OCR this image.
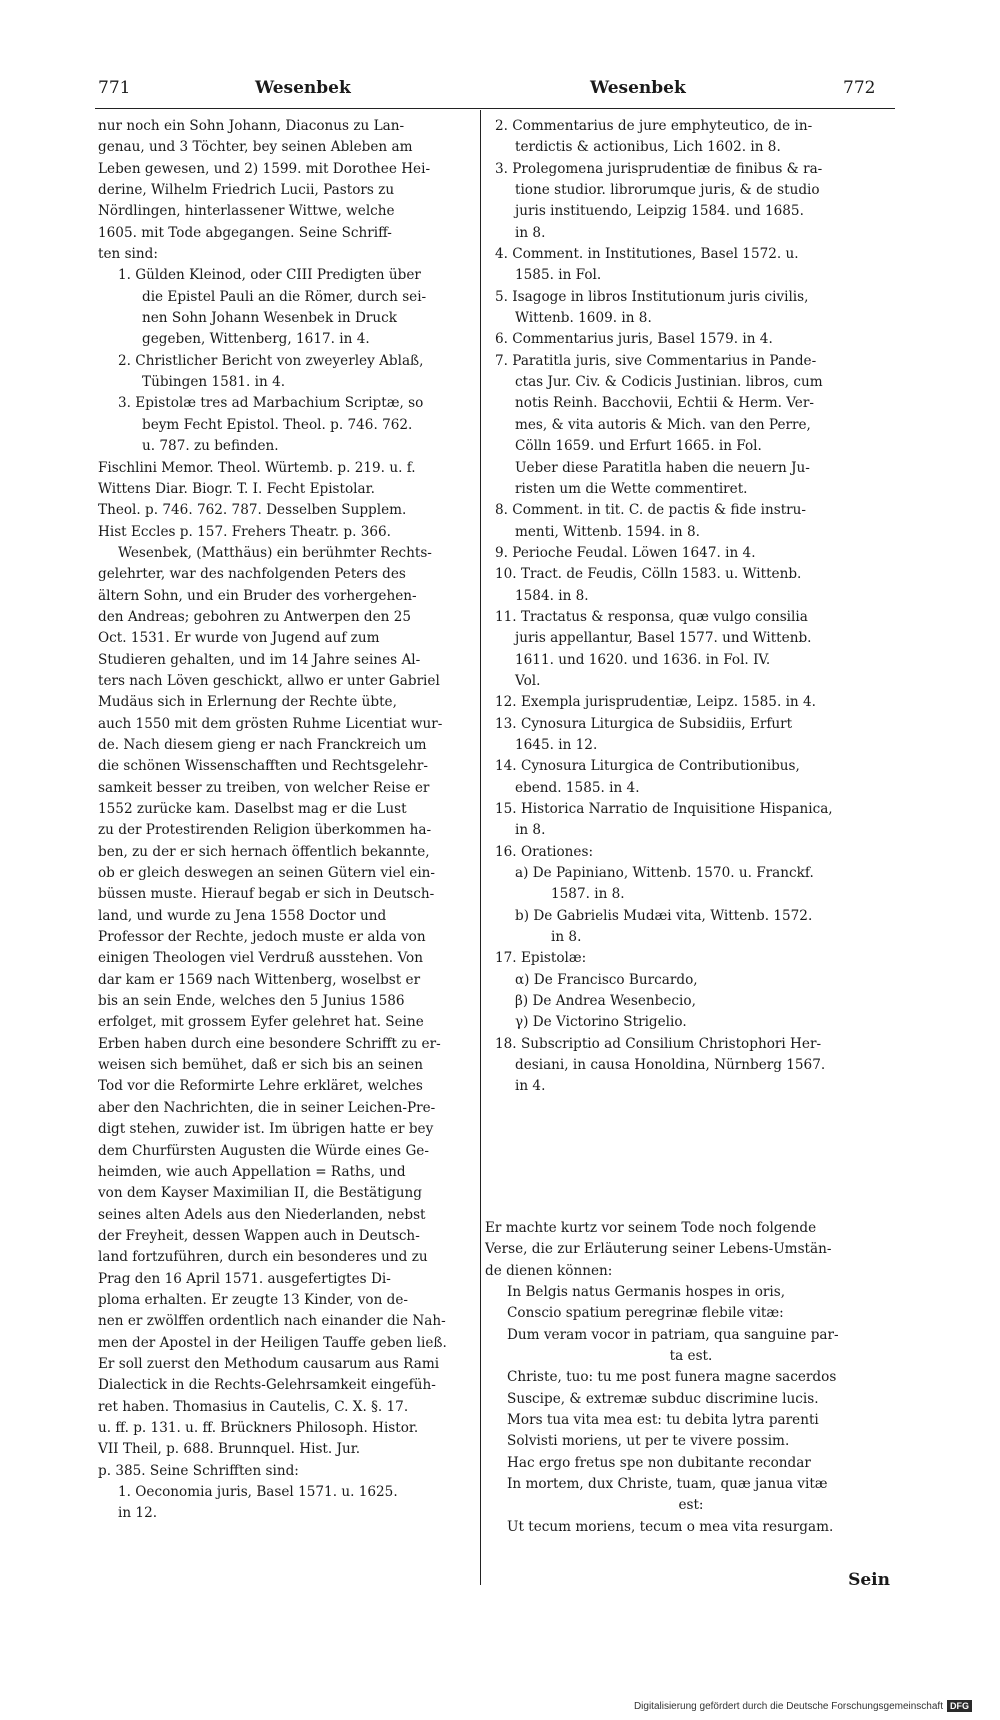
771	Wesenbek	Wesenbek	772
nur noch ein Sohn Johann, Diaconus zu Lan-
genau, und 3 Töchter, bey seinen Ableben am
Leben gewesen, und 2) 1599. mit Dorothee Hei-
derine, Wilhelm Friedrich Lucii, Pastors zu
Nördlingen, hinterlassener Wittwe, welche
1605. mit Tode abgegangen. Seine Schriff-
ten sind:
1. Gülden Kleinod, oder CIII Predigten über
die Epistel Pauli an die Römer, durch sei-
nen Sohn Johann Wesenbek in Druck
gegeben, Wittenberg, 1617. in 4.
2. Christlicher Bericht von zweyerley Ablaß,
Tübingen 1581. in 4.
3. Epistolæ tres ad Marbachium Scriptæ, so
beym Fecht Epistol. Theol. p. 746. 762.
u. 787. zu befinden.
Fischlini Memor. Theol. Würtemb. p. 219. u. f.
Wittens Diar. Biogr. T. I. Fecht Epistolar.
Theol. p. 746. 762. 787. Desselben Supplem.
Hist Eccles p. 157. Frehers Theatr. p. 366.
Wesenbek, (Matthäus) ein berühmter Rechts-
gelehrter, war des nachfolgenden Peters des
ältern Sohn, und ein Bruder des vorhergehen-
den Andreas; gebohren zu Antwerpen den 25
Oct. 1531. Er wurde von Jugend auf zum
Studieren gehalten, und im 14 Jahre seines Al-
ters nach Löven geschickt, allwo er unter Gabriel
Mudäus sich in Erlernung der Rechte übte,
auch 1550 mit dem grösten Ruhme Licentiat wur-
de. Nach diesem gieng er nach Franckreich um
die schönen Wissenschafften und Rechtsgelehr-
samkeit besser zu treiben, von welcher Reise er
1552 zurücke kam. Daselbst mag er die Lust
zu der Protestirenden Religion überkommen ha-
ben, zu der er sich hernach öffentlich bekannte,
ob er gleich deswegen an seinen Gütern viel ein-
büssen muste. Hierauf begab er sich in Deutsch-
land, und wurde zu Jena 1558 Doctor und
Professor der Rechte, jedoch muste er alda von
einigen Theologen viel Verdruß ausstehen. Von
dar kam er 1569 nach Wittenberg, woselbst er
bis an sein Ende, welches den 5 Junius 1586
erfolget, mit grossem Eyfer gelehret hat. Seine
Erben haben durch eine besondere Schrifft zu er-
weisen sich bemühet, daß er sich bis an seinen
Tod vor die Reformirte Lehre erkläret, welches
aber den Nachrichten, die in seiner Leichen-Pre-
digt stehen, zuwider ist. Im übrigen hatte er bey
dem Churfürsten Augusten die Würde eines Ge-
heimden, wie auch Appellation = Raths, und
von dem Kayser Maximilian II, die Bestätigung
seines alten Adels aus den Niederlanden, nebst
der Freyheit, dessen Wappen auch in Deutsch-
land fortzuführen, durch ein besonderes und zu
Prag den 16 April 1571. ausgefertigtes Di-
ploma erhalten. Er zeugte 13 Kinder, von de-
nen er zwölffen ordentlich nach einander die Nah-
men der Apostel in der Heiligen Tauffe geben ließ.
Er soll zuerst den Methodum causarum aus Rami
Dialectick in die Rechts-Gelehrsamkeit eingefüh-
ret haben. Thomasius in Cautelis, C. X. §. 17.
u. ff. p. 131. u. ff. Brückners Philosoph. Histor.
VII Theil, p. 688. Brunnquel. Hist. Jur.
p. 385. Seine Schrifften sind:
1. Oeconomia juris, Basel 1571. u. 1625.
in 12.
2. Commentarius de jure emphyteutico, de in-
terdictis & actionibus, Lich 1602. in 8.
3. Prolegomena jurisprudentiæ de finibus & ra-
tione studior. librorumque juris, & de studio
juris instituendo, Leipzig 1584. und 1685.
in 8.
4. Comment. in Institutiones, Basel 1572. u.
1585. in Fol.
5. Isagoge in libros Institutionum juris civilis,
Wittenb. 1609. in 8.
6. Commentarius juris, Basel 1579. in 4.
7. Paratitla juris, sive Commentarius in Pande-
ctas Jur. Civ. & Codicis Justinian. libros, cum
notis Reinh. Bacchovii, Echtii & Herm. Ver-
mes, & vita autoris & Mich. van den Perre,
Cölln 1659. und Erfurt 1665. in Fol.
Ueber diese Paratitla haben die neuern Ju-
risten um die Wette commentiret.
8. Comment. in tit. C. de pactis & fide instru-
menti, Wittenb. 1594. in 8.
9. Perioche Feudal. Löwen 1647. in 4.
10. Tract. de Feudis, Cölln 1583. u. Wittenb.
1584. in 8.
11. Tractatus & responsa, quæ vulgo consilia
juris appellantur, Basel 1577. und Wittenb.
1611. und 1620. und 1636. in Fol. IV.
Vol.
12. Exempla jurisprudentiæ, Leipz. 1585. in 4.
13. Cynosura Liturgica de Subsidiis, Erfurt
1645. in 12.
14. Cynosura Liturgica de Contributionibus,
ebend. 1585. in 4.
15. Historica Narratio de Inquisitione Hispanica,
in 8.
16. Orationes:
a) De Papiniano, Wittenb. 1570. u. Franckf.
1587. in 8.
b) De Gabrielis Mudæi vita, Wittenb. 1572.
in 8.
17. Epistolæ:
α) De Francisco Burcardo,
β) De Andrea Wesenbecio,
γ) De Victorino Strigelio.
18. Subscriptio ad Consilium Christophori Her-
desiani, in causa Honoldina, Nürnberg 1567.
in 4.
Er machte kurtz vor seinem Tode noch folgende
Verse, die zur Erläuterung seiner Lebens-Umstän-
de dienen können:
In Belgis natus Germanis hospes in oris,
Conscio spatium peregrinæ flebile vitæ:
Dum veram vocor in patriam, qua sanguine par-
ta est.
Christe, tuo: tu me post funera magne sacerdos
Suscipe, & extremæ subduc discrimine lucis.
Mors tua vita mea est: tu debita lytra parenti
Solvisti moriens, ut per te vivere possim.
Hac ergo fretus spe non dubitante recondar
In mortem, dux Christe, tuam, quæ janua vitæ
est:
Ut tecum moriens, tecum o mea vita resurgam.
Sein
Digitalisierung gefördert durch die Deutsche Forschungsgemeinschaft DFG
